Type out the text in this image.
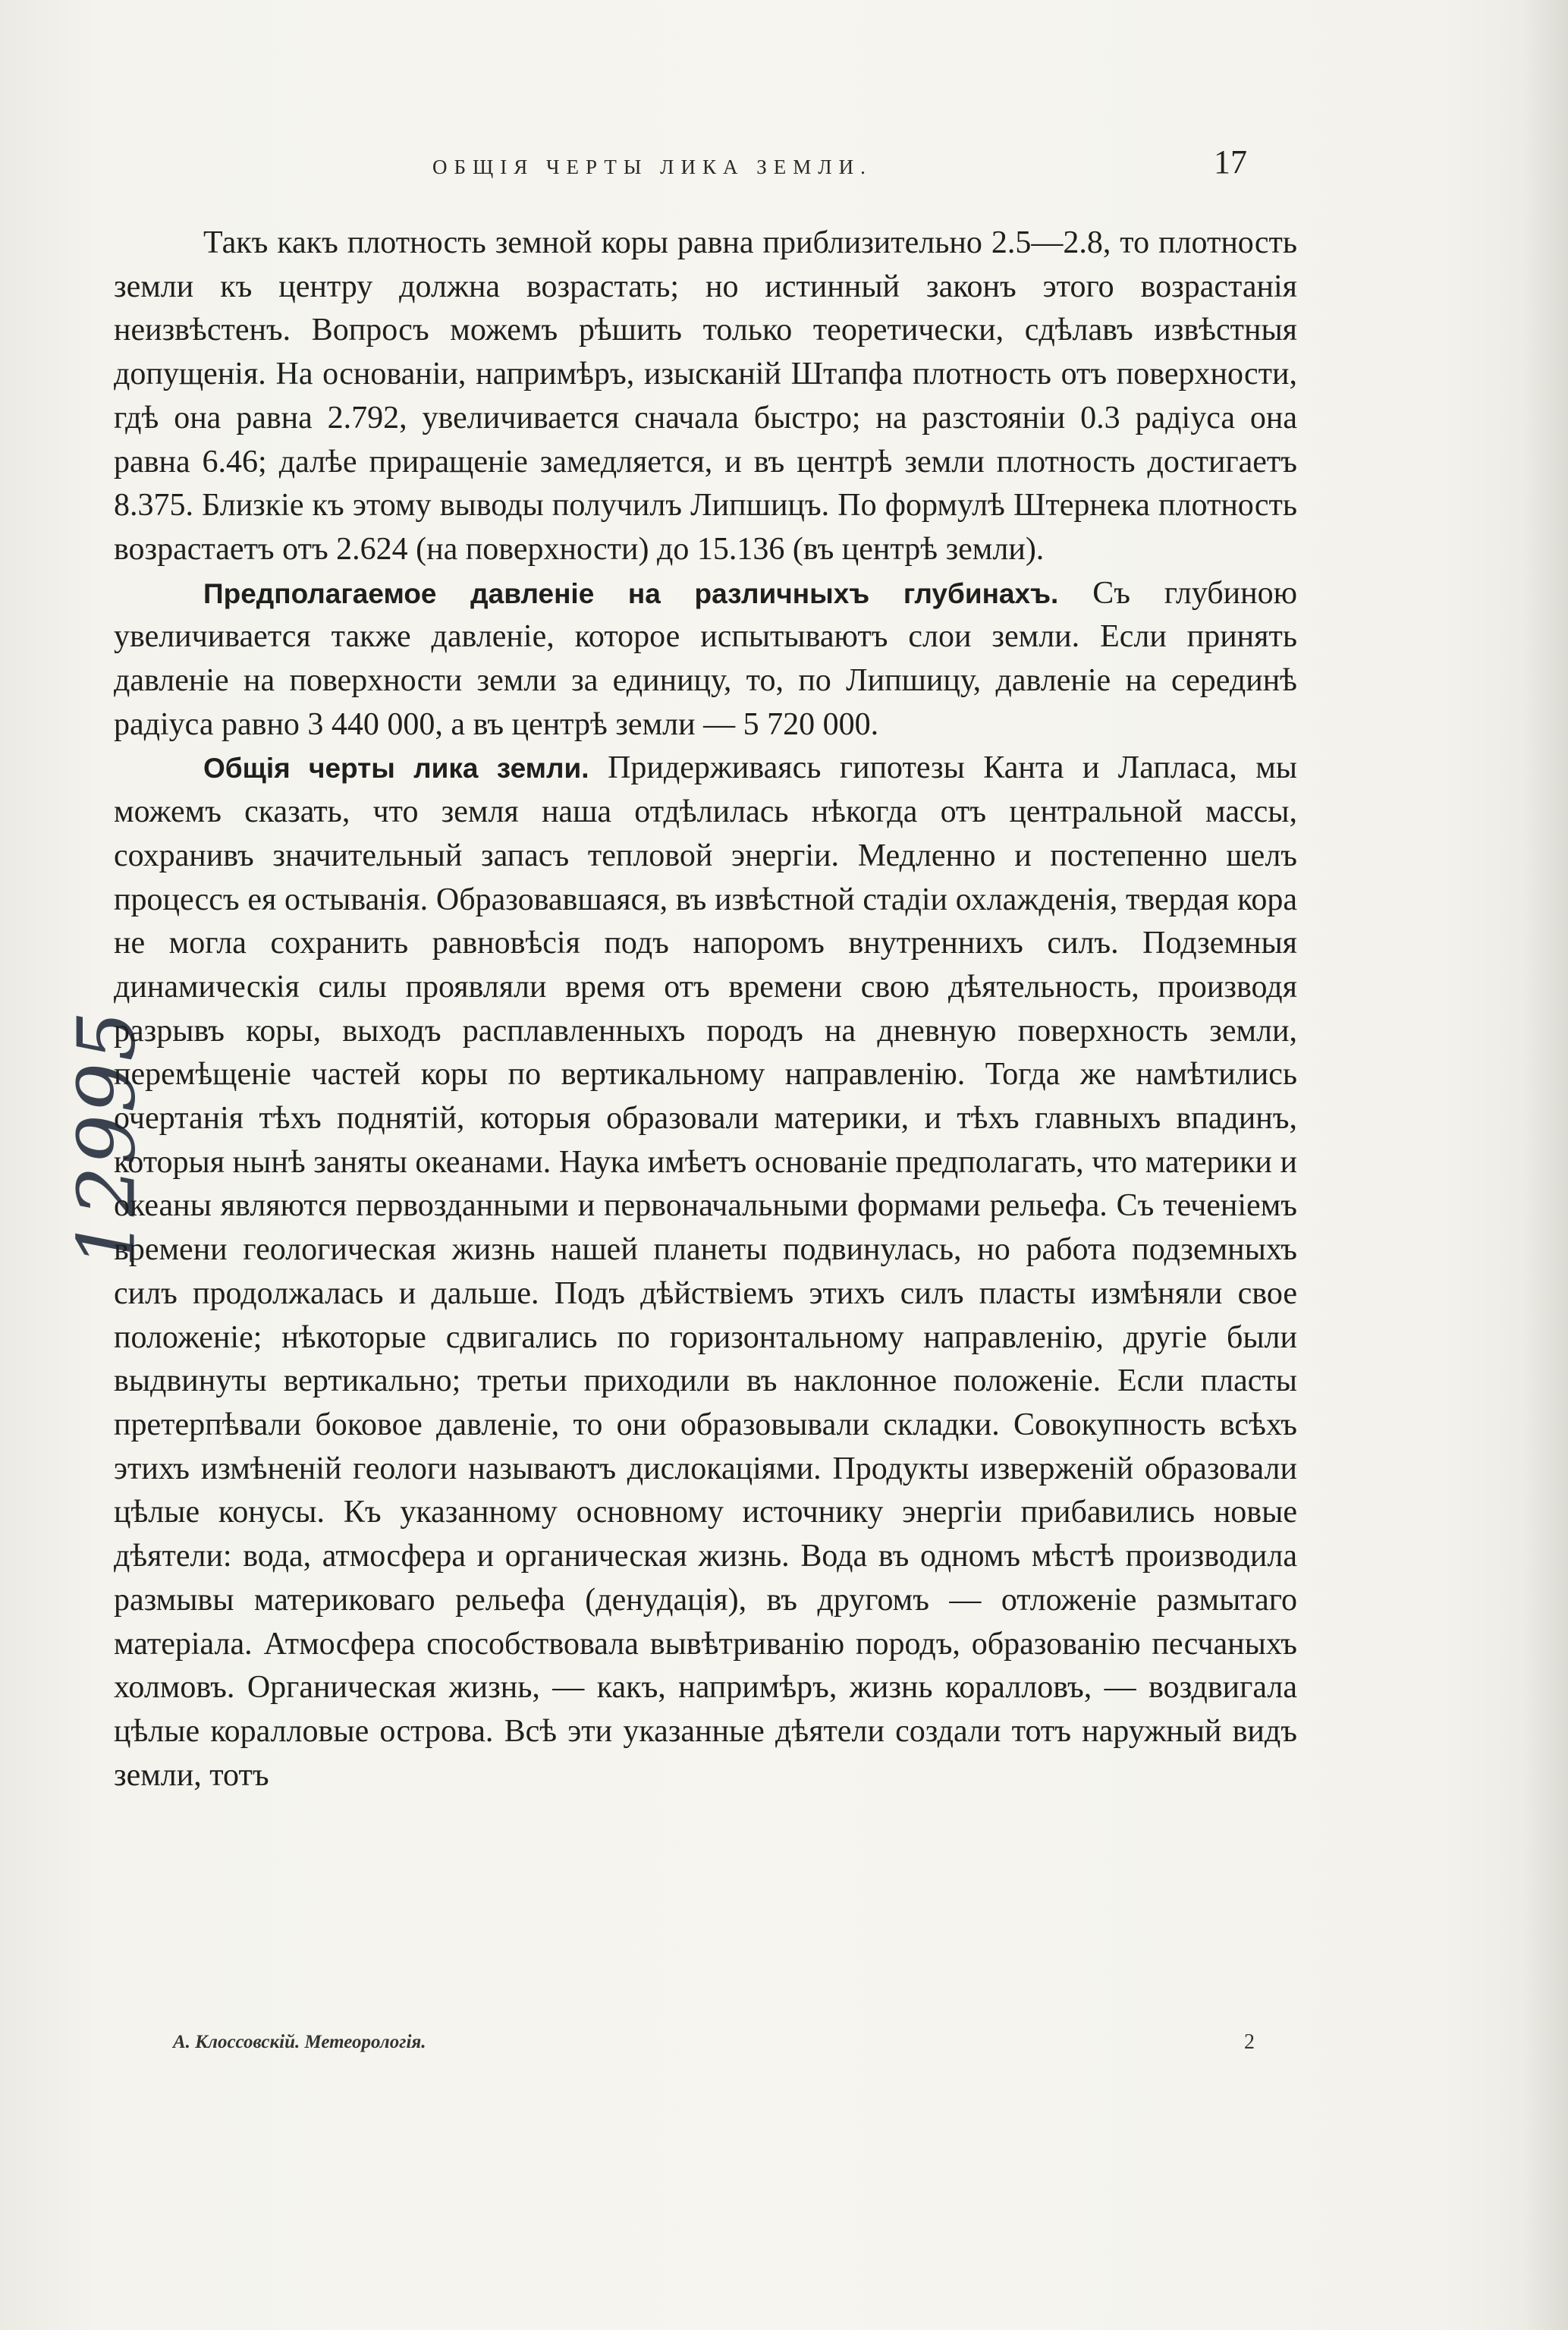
ОБЩІЯ ЧЕРТЫ ЛИКА ЗЕМЛИ.	17
12995

Такъ какъ плотность земной коры равна приблизительно 2.5—2.8, то плотность земли къ центру должна возрастать; но истинный законъ этого возрастанія неизвѣстенъ. Вопросъ можемъ рѣшить только теоретически, сдѣлавъ извѣстныя допущенія. На основаніи, напримѣръ, изысканій Штапфа плотность отъ поверхности, гдѣ она равна 2.792, увеличивается сначала быстро; на разстояніи 0.3 радіуса она равна 6.46; далѣе приращеніе замедляется, и въ центрѣ земли плотность достигаетъ 8.375. Близкіе къ этому выводы получилъ Липшицъ. По формулѣ Штернека плотность возрастаетъ отъ 2.624 (на поверхности) до 15.136 (въ центрѣ земли).

Предполагаемое давленіе на различныхъ глубинахъ. Съ глубиною увеличивается также давленіе, которое испытываютъ слои земли. Если принять давленіе на поверхности земли за единицу, то, по Липшицу, давленіе на серединѣ радіуса равно 3 440 000, а въ центрѣ земли — 5 720 000.

Общія черты лика земли. Придерживаясь гипотезы Канта и Лапласа, мы можемъ сказать, что земля наша отдѣлилась нѣкогда отъ центральной массы, сохранивъ значительный запасъ тепловой энергіи. Медленно и постепенно шелъ процессъ ея остыванія. Образовавшаяся, въ извѣстной стадіи охлажденія, твердая кора не могла сохранить равновѣсія подъ напоромъ внутреннихъ силъ. Подземныя динамическія силы проявляли время отъ времени свою дѣятельность, производя разрывъ коры, выходъ расплавленныхъ породъ на дневную поверхность земли, перемѣщеніе частей коры по вертикальному направленію. Тогда же намѣтились очертанія тѣхъ поднятій, которыя образовали материки, и тѣхъ главныхъ впадинъ, которыя нынѣ заняты океанами. Наука имѣетъ основаніе предполагать, что материки и океаны являются первозданными и первоначальными формами рельефа. Съ теченіемъ времени геологическая жизнь нашей планеты подвинулась, но работа подземныхъ силъ продолжалась и дальше. Подъ дѣйствіемъ этихъ силъ пласты измѣняли свое положеніе; нѣкоторые сдвигались по горизонтальному направленію, другіе были выдвинуты вертикально; третьи приходили въ наклонное положеніе. Если пласты претерпѣвали боковое давленіе, то они образовывали складки. Совокупность всѣхъ этихъ измѣненій геологи называютъ дислокаціями. Продукты изверженій образовали цѣлые конусы. Къ указанному основному источнику энергіи прибавились новые дѣятели: вода, атмосфера и органическая жизнь. Вода въ одномъ мѣстѣ производила размывы материковаго рельефа (денудація), въ другомъ — отложеніе размытаго матеріала. Атмосфера способствовала вывѣтриванію породъ, образованію песчаныхъ холмовъ. Органическая жизнь, — какъ, напримѣръ, жизнь коралловъ, — воздвигала цѣлые коралловые острова. Всѣ эти указанные дѣятели создали тотъ наружный видъ земли, тотъ

А. Клоссовскій. Метеорологія.	2
